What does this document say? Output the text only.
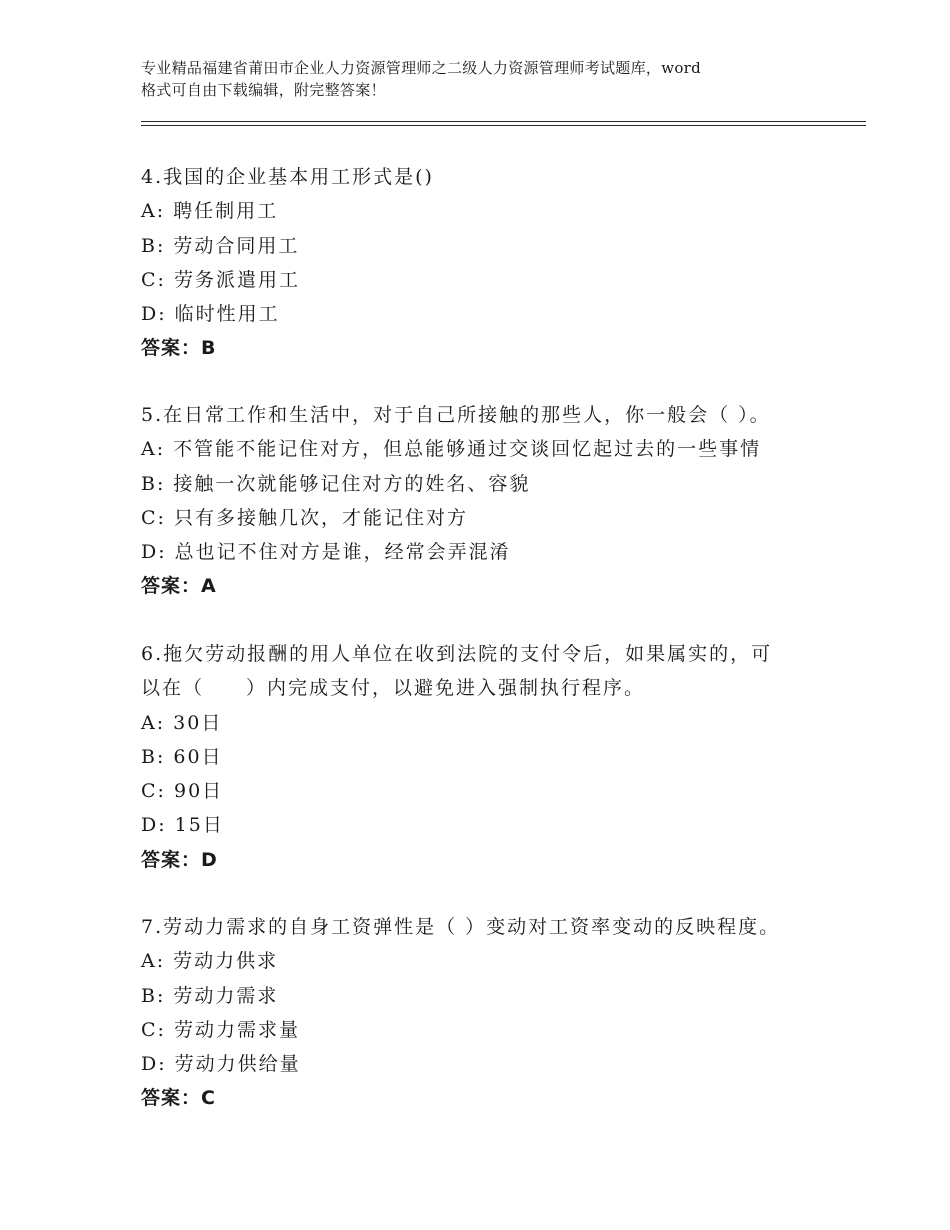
专业精品福建省莆田市企业人力资源管理师之二级人力资源管理师考试题库，word
格式可自由下载编辑，附完整答案！
4.我国的企业基本用工形式是()
A: 聘任制用工
B: 劳动合同用工
C: 劳务派遣用工
D: 临时性用工
答案：B
5.在日常工作和生活中，对于自己所接触的那些人，你一般会（ ）。
A: 不管能不能记住对方，但总能够通过交谈回忆起过去的一些事情
B: 接触一次就能够记住对方的姓名、容貌
C: 只有多接触几次，才能记住对方
D: 总也记不住对方是谁，经常会弄混淆
答案：A
6.拖欠劳动报酬的用人单位在收到法院的支付令后，如果属实的，可
以在（　　）内完成支付，以避免进入强制执行程序。
A: 30日
B: 60日
C: 90日
D: 15日
答案：D
7.劳动力需求的自身工资弹性是（ ）变动对工资率变动的反映程度。
A: 劳动力供求
B: 劳动力需求
C: 劳动力需求量
D: 劳动力供给量
答案：C
